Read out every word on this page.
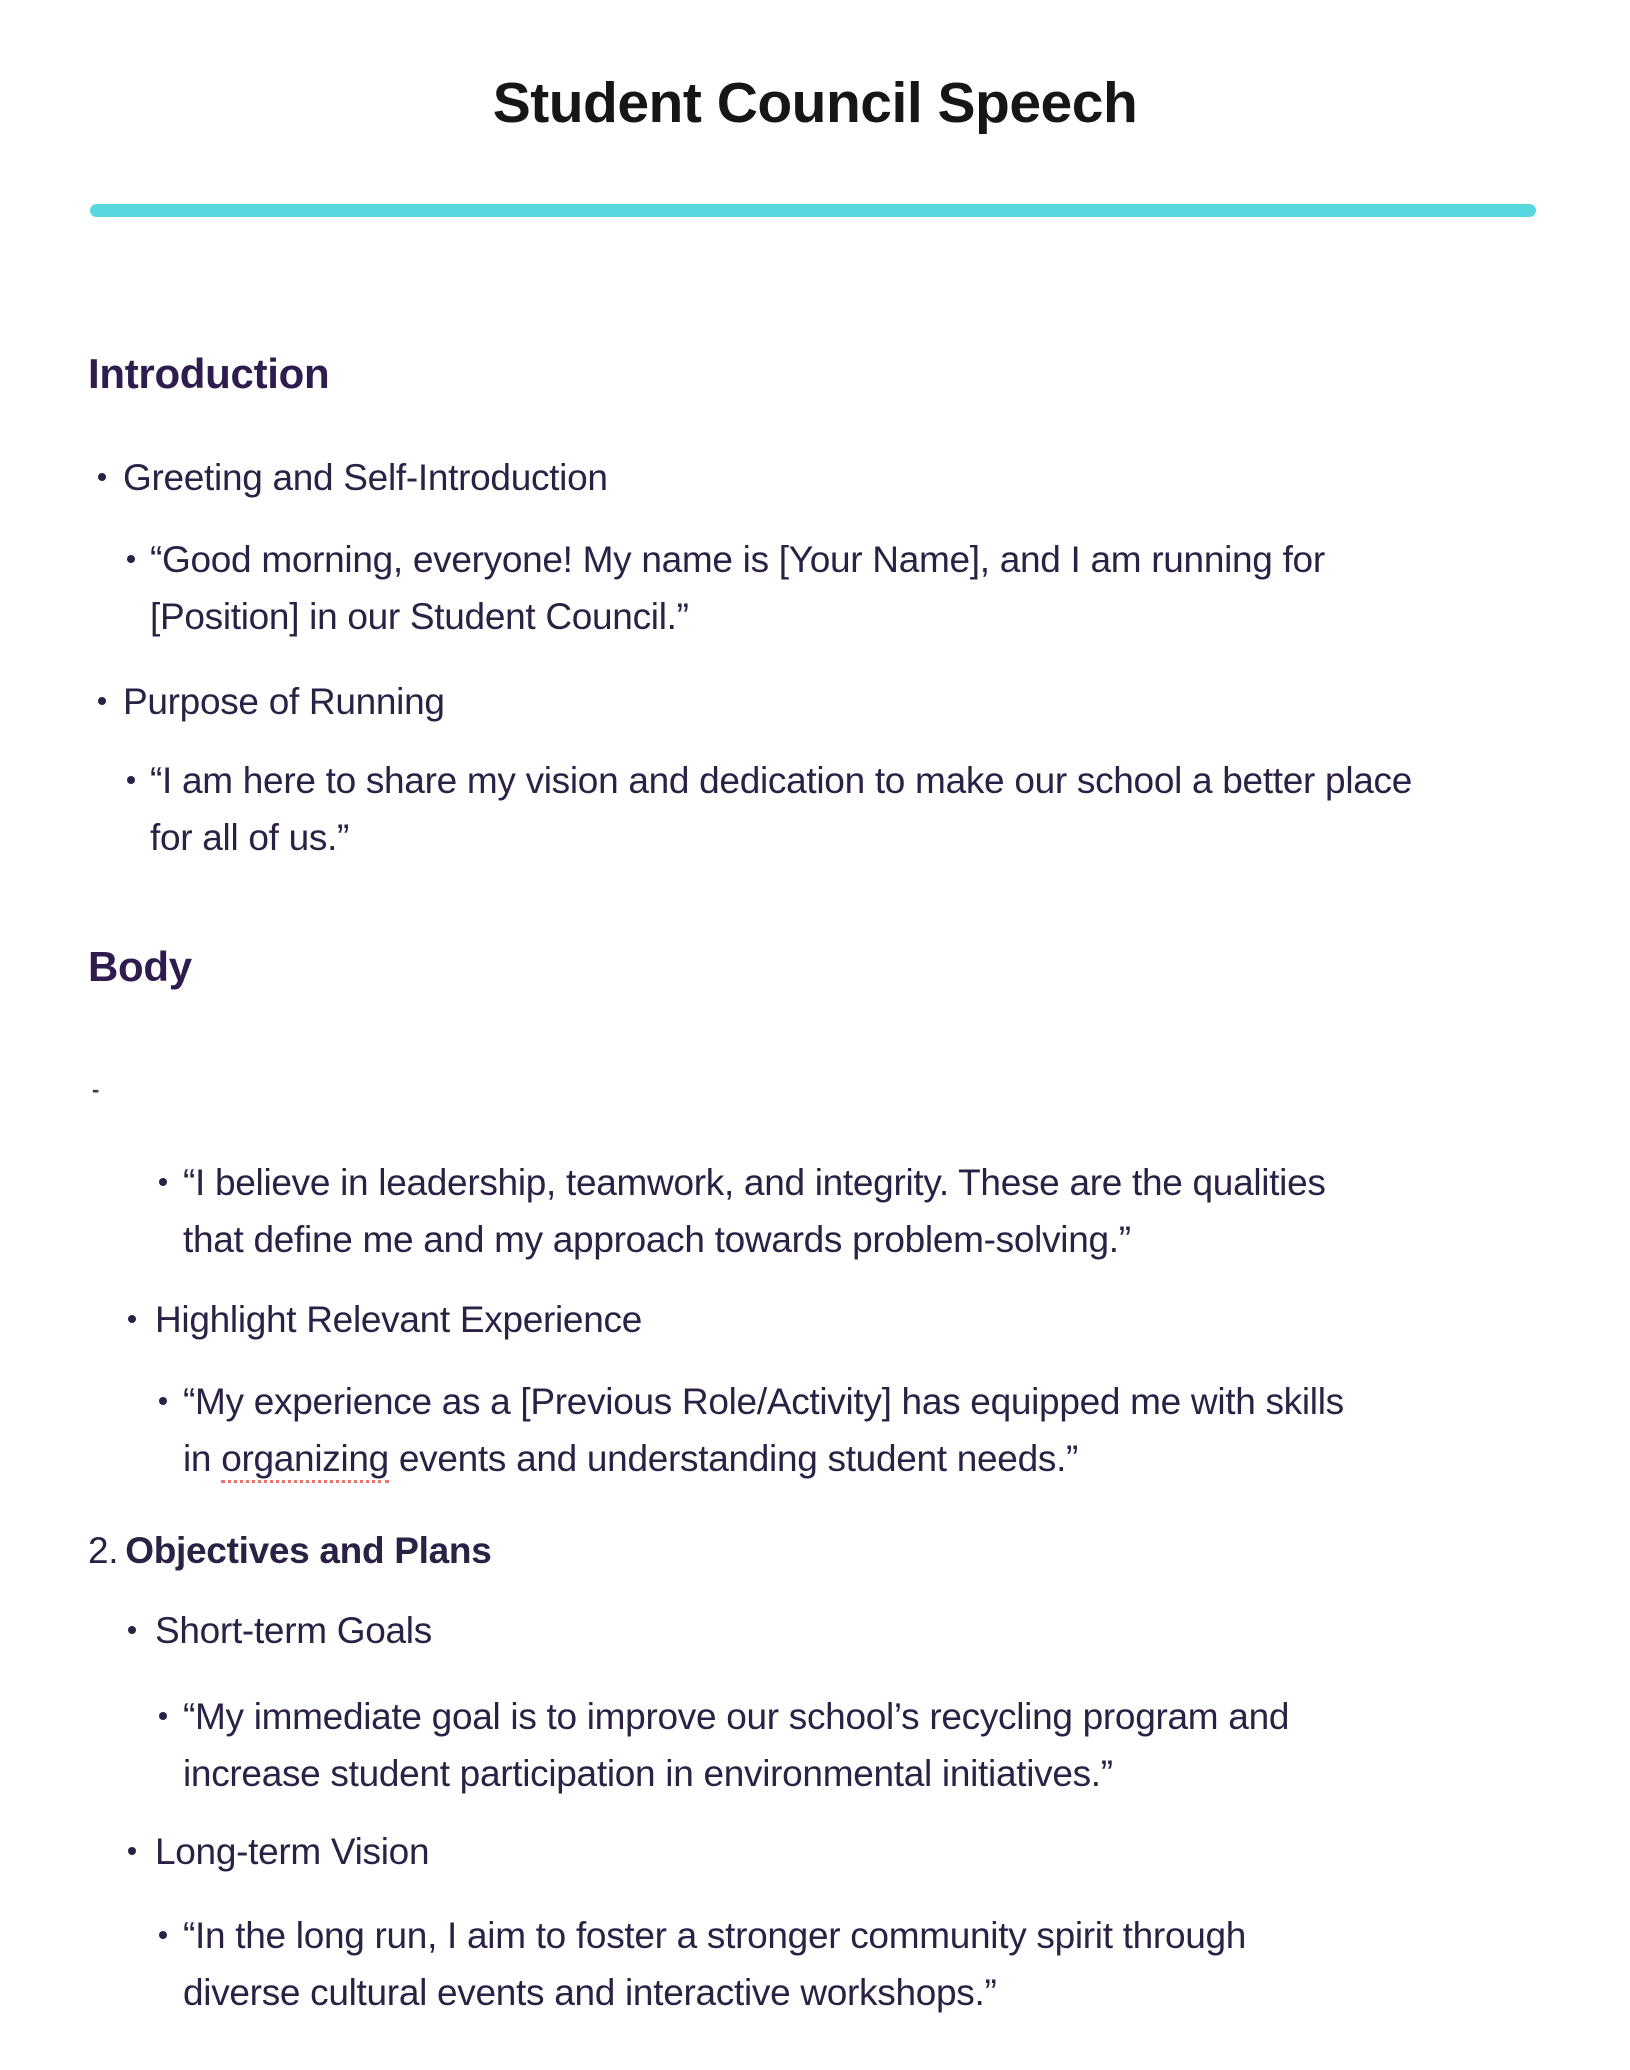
Student Council Speech
Introduction
Greeting and Self-Introduction
“Good morning, everyone! My name is [Your Name], and I am running for [Position] in our Student Council.”
Purpose of Running
“I am here to share my vision and dedication to make our school a better place for all of us.”
Body
-
“I believe in leadership, teamwork, and integrity. These are the qualities that define me and my approach towards problem-solving.”
Highlight Relevant Experience
“My experience as a [Previous Role/Activity] has equipped me with skills in organizing events and understanding student needs.”
2. Objectives and Plans
Short-term Goals
“My immediate goal is to improve our school’s recycling program and increase student participation in environmental initiatives.”
Long-term Vision
“In the long run, I aim to foster a stronger community spirit through diverse cultural events and interactive workshops.”
